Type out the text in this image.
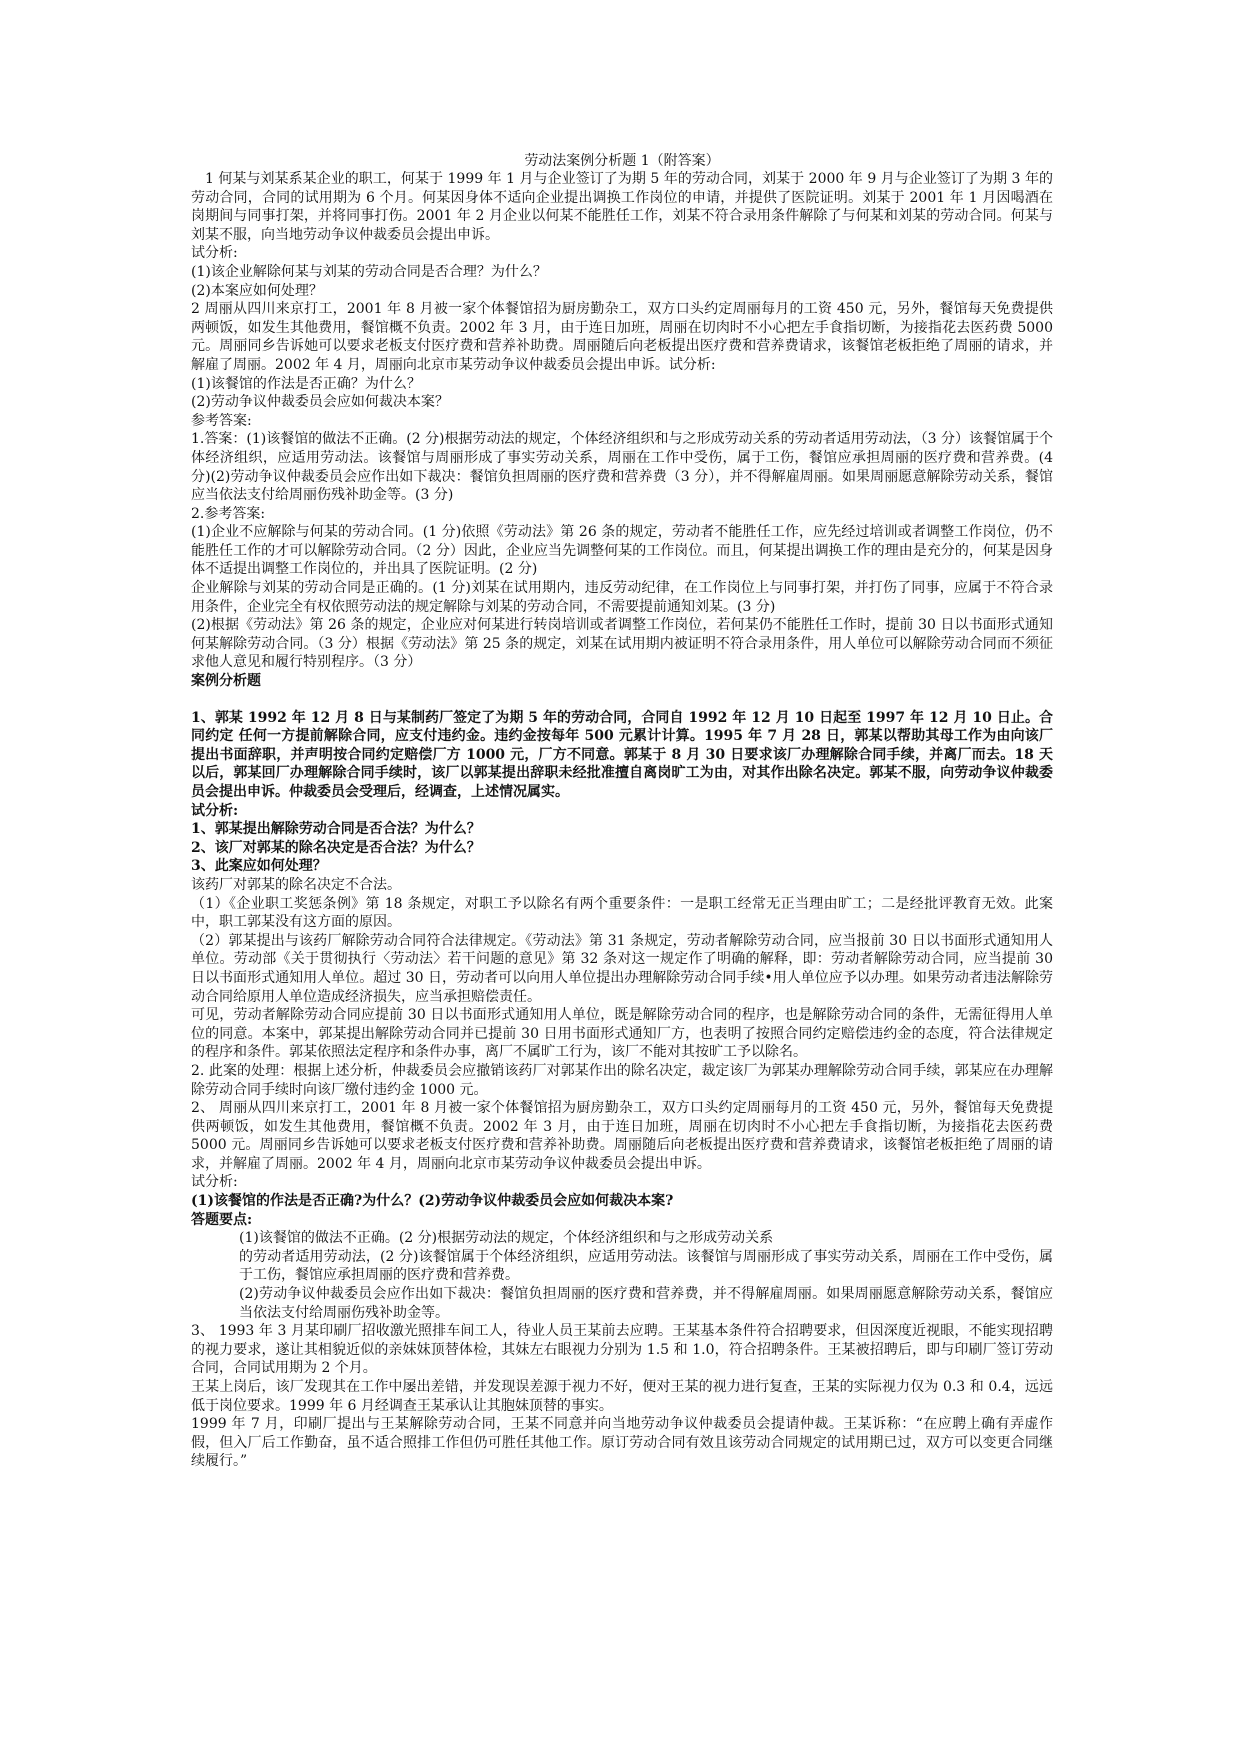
劳动法案例分析题 1（附答案）

1 何某与刘某系某企业的职工，何某于 1999 年 1 月与企业签订了为期 5 年的劳动合同，刘某于 2000 年 9 月与企业签订了为期 3 年的劳动合同，合同的试用期为 6 个月。何某因身体不适向企业提出调换工作岗位的申请，并提供了医院证明。刘某于 2001 年 1 月因喝酒在岗期间与同事打架，并将同事打伤。2001 年 2 月企业以何某不能胜任工作，刘某不符合录用条件解除了与何某和刘某的劳动合同。何某与刘某不服，向当地劳动争议仲裁委员会提出申诉。

试分析:

(1)该企业解除何某与刘某的劳动合同是否合理？为什么？

(2)本案应如何处理？

2 周丽从四川来京打工，2001 年 8 月被一家个体餐馆招为厨房勤杂工，双方口头约定周丽每月的工资 450 元，另外，餐馆每天免费提供两顿饭，如发生其他费用，餐馆概不负责。2002 年 3 月，由于连日加班，周丽在切肉时不小心把左手食指切断，为接指花去医药费 5000 元。周丽同乡告诉她可以要求老板支付医疗费和营养补助费。周丽随后向老板提出医疗费和营养费请求，该餐馆老板拒绝了周丽的请求，并解雇了周丽。2002 年 4 月，周丽向北京市某劳动争议仲裁委员会提出申诉。试分析:

(1)该餐馆的作法是否正确？为什么？

(2)劳动争议仲裁委员会应如何裁决本案？

参考答案:

1.答案：(1)该餐馆的做法不正确。(2 分)根据劳动法的规定，个体经济组织和与之形成劳动关系的劳动者适用劳动法，（3 分）该餐馆属于个体经济组织，应适用劳动法。该餐馆与周丽形成了事实劳动关系，周丽在工作中受伤，属于工伤，餐馆应承担周丽的医疗费和营养费。(4 分)(2)劳动争议仲裁委员会应作出如下裁决：餐馆负担周丽的医疗费和营养费（3 分），并不得解雇周丽。如果周丽愿意解除劳动关系，餐馆应当依法支付给周丽伤残补助金等。(3 分)

2.参考答案:

(1)企业不应解除与何某的劳动合同。(1 分)依照《劳动法》第 26 条的规定，劳动者不能胜任工作，应先经过培训或者调整工作岗位，仍不能胜任工作的才可以解除劳动合同。（2 分）因此，企业应当先调整何某的工作岗位。而且，何某提出调换工作的理由是充分的，何某是因身体不适提出调整工作岗位的，并出具了医院证明。(2 分)

企业解除与刘某的劳动合同是正确的。(1 分)刘某在试用期内，违反劳动纪律，在工作岗位上与同事打架，并打伤了同事，应属于不符合录用条件，企业完全有权依照劳动法的规定解除与刘某的劳动合同，不需要提前通知刘某。(3 分)

(2)根据《劳动法》第 26 条的规定，企业应对何某进行转岗培训或者调整工作岗位，若何某仍不能胜任工作时，提前 30 日以书面形式通知何某解除劳动合同。（3 分）根据《劳动法》第 25 条的规定，刘某在试用期内被证明不符合录用条件，用人单位可以解除劳动合同而不须征求他人意见和履行特别程序。（3 分）

案例分析题

1、郭某 1992 年 12 月 8 日与某制药厂签定了为期 5 年的劳动合同，合同自 1992 年 12 月 10 日起至 1997 年 12 月 10 日止。合同约定 任何一方提前解除合同，应支付违约金。违约金按每年 500 元累计计算。1995 年 7 月 28 日，郭某以帮助其母工作为由向该厂提出书面辞职，并声明按合同约定赔偿厂方 1000 元，厂方不同意。郭某于 8 月 30 日要求该厂办理解除合同手续，并离厂而去。18 天以后，郭某回厂办理解除合同手续时，该厂以郭某提出辞职未经批准擅自离岗旷工为由，对其作出除名决定。郭某不服，向劳动争议仲裁委员会提出申诉。仲裁委员会受理后，经调查，上述情况属实。

试分析:

1、郭某提出解除劳动合同是否合法？为什么？

2、该厂对郭某的除名决定是否合法？为什么？

3、此案应如何处理？

该药厂对郭某的除名决定不合法。

（1）《企业职工奖惩条例》第 18 条规定，对职工予以除名有两个重要条件：一是职工经常无正当理由旷工；二是经批评教育无效。此案中，职工郭某没有这方面的原因。

（2）郭某提出与该药厂解除劳动合同符合法律规定。《劳动法》第 31 条规定，劳动者解除劳动合同，应当报前 30 日以书面形式通知用人单位。劳动部《关于贯彻执行〈劳动法〉若干问题的意见》第 32 条对这一规定作了明确的解释，即：劳动者解除劳动合同，应当提前 30 日以书面形式通知用人单位。超过 30 日，劳动者可以向用人单位提出办理解除劳动合同手续•用人单位应予以办理。如果劳动者违法解除劳动合同给原用人单位造成经济损失，应当承担赔偿责任。

可见，劳动者解除劳动合同应提前 30 日以书面形式通知用人单位，既是解除劳动合同的程序，也是解除劳动合同的条件，无需征得用人单位的同意。本案中，郭某提出解除劳动合同并已提前 30 日用书面形式通知厂方，也表明了按照合同约定赔偿违约金的态度，符合法律规定的程序和条件。郭某依照法定程序和条件办事，离厂不属旷工行为，该厂不能对其按旷工予以除名。

2. 此案的处理：根据上述分析，仲裁委员会应撤销该药厂对郭某作出的除名决定，裁定该厂为郭某办理解除劳动合同手续，郭某应在办理解除劳动合同手续时向该厂缴付违约金 1000 元。

2、 周丽从四川来京打工，2001 年 8 月被一家个体餐馆招为厨房勤杂工，双方口头约定周丽每月的工资 450 元，另外，餐馆每天免费提供两顿饭，如发生其他费用，餐馆概不负责。2002 年 3 月，由于连日加班，周丽在切肉时不小心把左手食指切断，为接指花去医药费 5000 元。周丽同乡告诉她可以要求老板支付医疗费和营养补助费。周丽随后向老板提出医疗费和营养费请求，该餐馆老板拒绝了周丽的请求，并解雇了周丽。2002 年 4 月，周丽向北京市某劳动争议仲裁委员会提出申诉。

试分析:

(1)该餐馆的作法是否正确?为什么？(2)劳动争议仲裁委员会应如何裁决本案?

答题要点:

(1)该餐馆的做法不正确。(2 分)根据劳动法的规定，个体经济组织和与之形成劳动关系

的劳动者适用劳动法，(2 分)该餐馆属于个体经济组织，应适用劳动法。该餐馆与周丽形成了事实劳动关系，周丽在工作中受伤，属于工伤，餐馆应承担周丽的医疗费和营养费。

(2)劳动争议仲裁委员会应作出如下裁决：餐馆负担周丽的医疗费和营养费，并不得解雇周丽。如果周丽愿意解除劳动关系，餐馆应当依法支付给周丽伤残补助金等。

3、 1993 年 3 月某印刷厂招收激光照排车间工人，待业人员王某前去应聘。王某基本条件符合招聘要求，但因深度近视眼，不能实现招聘的视力要求，遂让其相貌近似的亲妹妹顶替体检，其妹左右眼视力分别为 1.5 和 1.0，符合招聘条件。王某被招聘后，即与印刷厂签订劳动合同，合同试用期为 2 个月。

王某上岗后，该厂发现其在工作中屡出差错，并发现误差源于视力不好，便对王某的视力进行复查，王某的实际视力仅为 0.3 和 0.4，远远低于岗位要求。1999 年 6 月经调查王某承认让其胞妹顶替的事实。

1999 年 7 月，印刷厂提出与王某解除劳动合同，王某不同意并向当地劳动争议仲裁委员会提请仲裁。王某诉称：“在应聘上确有弄虚作假，但入厂后工作勤奋，虽不适合照排工作但仍可胜任其他工作。原订劳动合同有效且该劳动合同规定的试用期已过，双方可以变更合同继续履行。”
